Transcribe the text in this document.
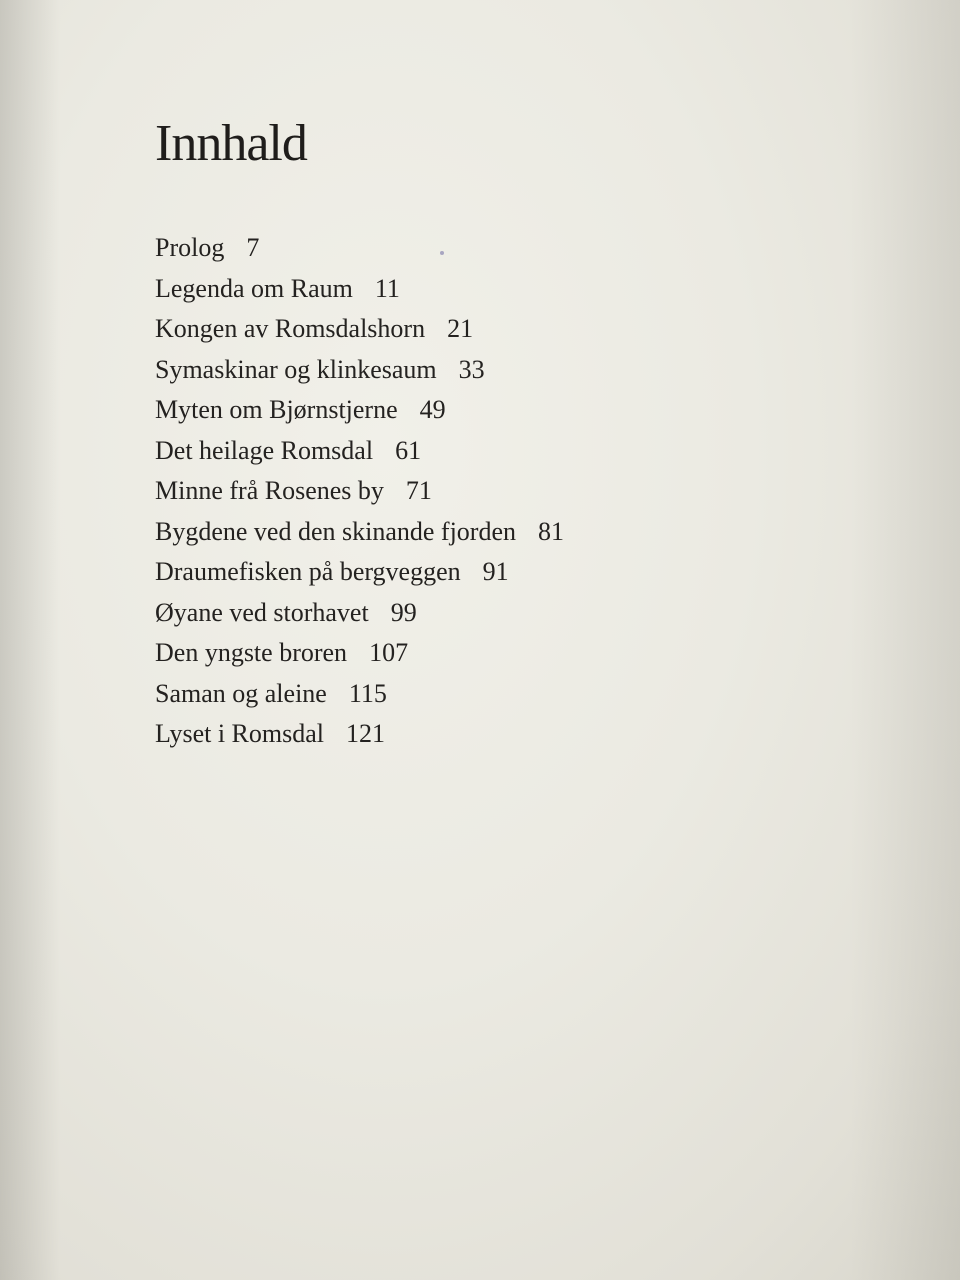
Innhald
Prolog 7
Legenda om Raum 11
Kongen av Romsdalshorn 21
Symaskinar og klinkesaum 33
Myten om Bjørnstjerne 49
Det heilage Romsdal 61
Minne frå Rosenes by 71
Bygdene ved den skinande fjorden 81
Draumefisken på bergveggen 91
Øyane ved storhavet 99
Den yngste broren 107
Saman og aleine 115
Lyset i Romsdal 121
